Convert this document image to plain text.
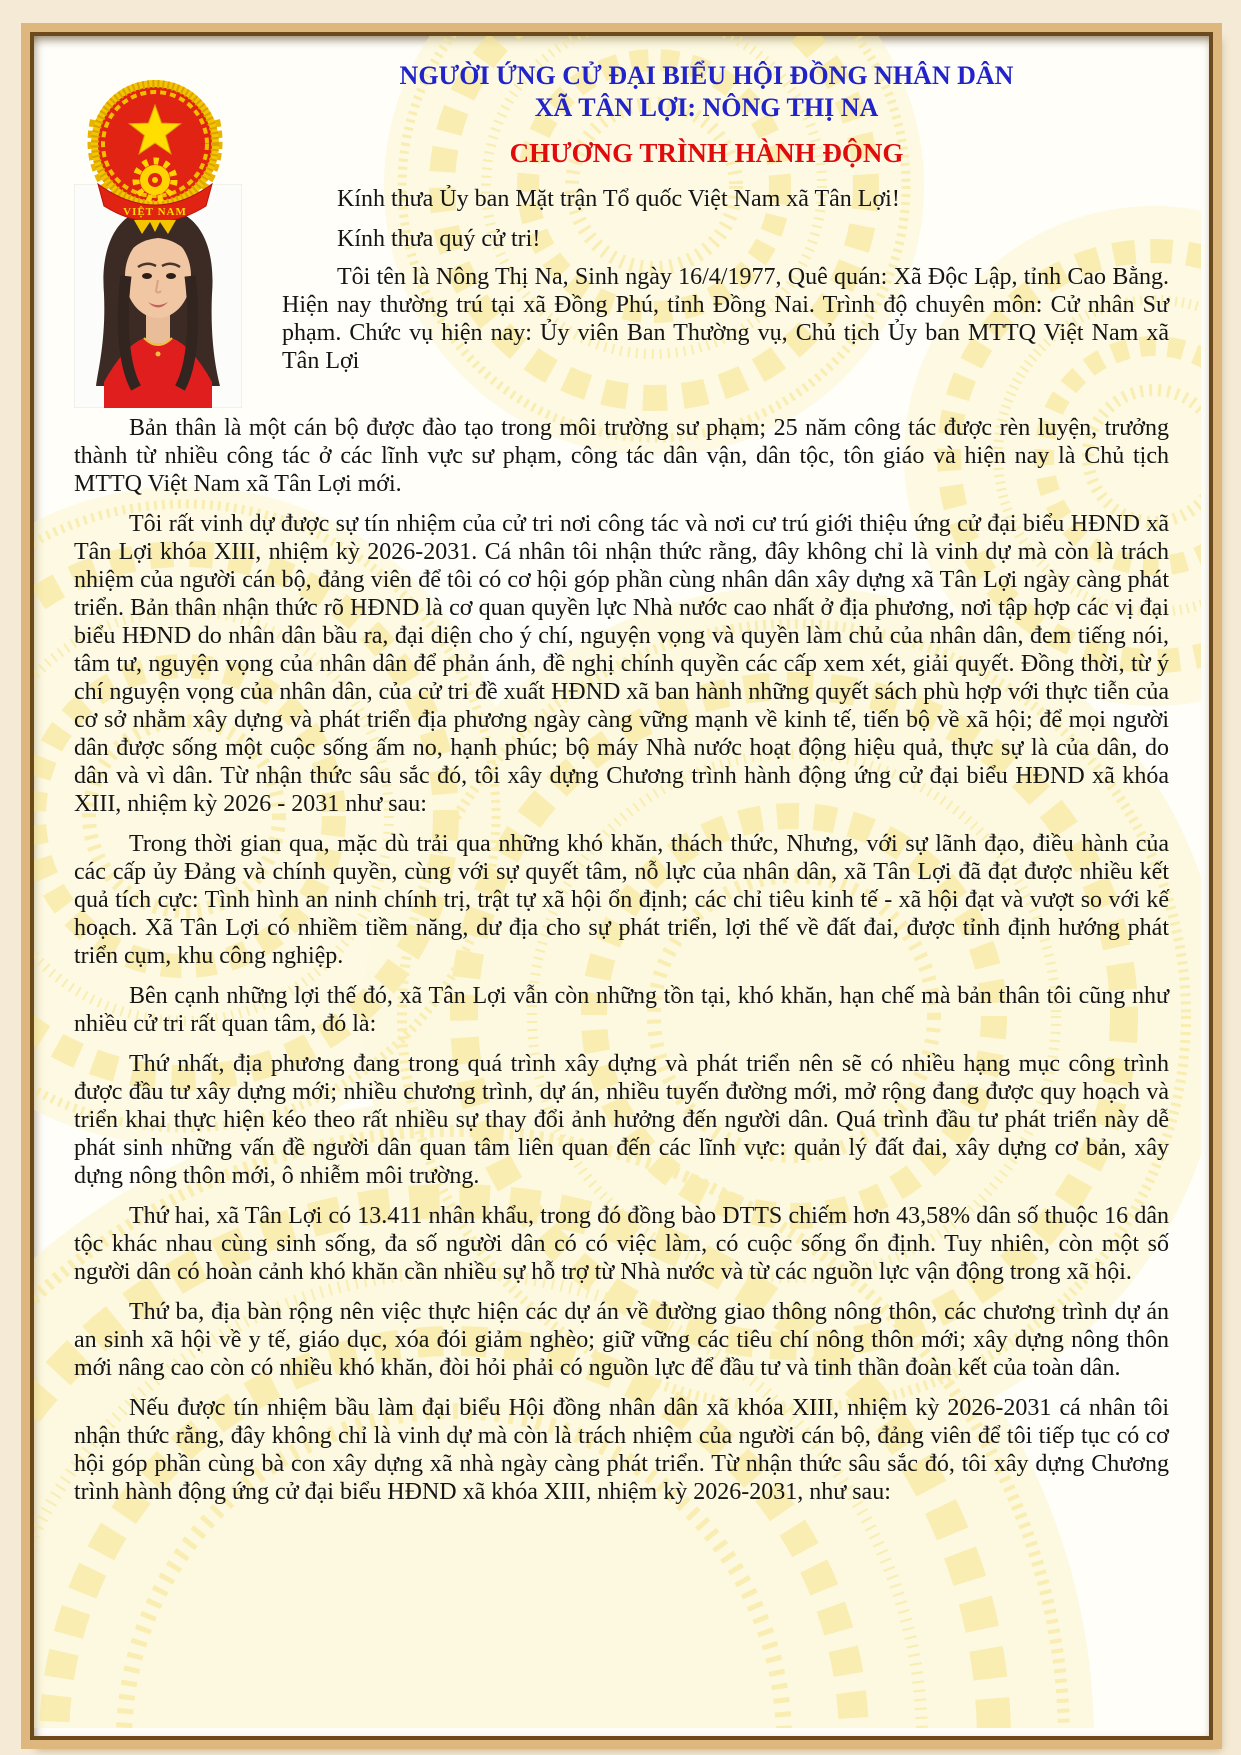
VIỆT NAM
NGƯỜI ỨNG CỬ ĐẠI BIỂU HỘI ĐỒNG NHÂN DÂN
XÃ TÂN LỢI: NÔNG THỊ NA
CHƯƠNG TRÌNH HÀNH ĐỘNG

Kính thưa Ủy ban Mặt trận Tổ quốc Việt Nam xã Tân Lợi!

Kính thưa quý cử tri!

Tôi tên là Nông Thị Na, Sinh ngày 16/4/1977, Quê quán: Xã Độc Lập, tỉnh Cao Bằng. Hiện nay thường trú tại xã Đồng Phú, tỉnh Đồng Nai. Trình độ chuyên môn: Cử nhân Sư phạm. Chức vụ hiện nay: Ủy viên Ban Thường vụ, Chủ tịch Ủy ban MTTQ Việt Nam xã Tân Lợi

Bản thân là một cán bộ được đào tạo trong môi trường sư phạm; 25 năm công tác được rèn luyện, trưởng thành từ nhiều công tác ở các lĩnh vực sư phạm, công tác dân vận, dân tộc, tôn giáo và hiện nay là Chủ tịch MTTQ Việt Nam xã Tân Lợi mới.

Tôi rất vinh dự được sự tín nhiệm của cử tri nơi công tác và nơi cư trú giới thiệu ứng cử đại biểu HĐND xã Tân Lợi khóa XIII, nhiệm kỳ 2026-2031. Cá nhân tôi nhận thức rằng, đây không chỉ là vinh dự mà còn là trách nhiệm của người cán bộ, đảng viên để tôi có cơ hội góp phần cùng nhân dân xây dựng xã Tân Lợi ngày càng phát triển. Bản thân nhận thức rõ HĐND là cơ quan quyền lực Nhà nước cao nhất ở địa phương, nơi tập hợp các vị đại biểu HĐND do nhân dân bầu ra, đại diện cho ý chí, nguyện vọng và quyền làm chủ của nhân dân, đem tiếng nói, tâm tư, nguyện vọng của nhân dân để phản ánh, đề nghị chính quyền các cấp xem xét, giải quyết. Đồng thời, từ ý chí nguyện vọng của nhân dân, của cử tri đề xuất HĐND xã ban hành những quyết sách phù hợp với thực tiễn của cơ sở nhằm xây dựng và phát triển địa phương ngày càng vững mạnh về kinh tế, tiến bộ về xã hội; để mọi người dân được sống một cuộc sống ấm no, hạnh phúc; bộ máy Nhà nước hoạt động hiệu quả, thực sự là của dân, do dân và vì dân. Từ nhận thức sâu sắc đó, tôi xây dựng Chương trình hành động ứng cử đại biểu HĐND xã khóa XIII, nhiệm kỳ 2026 - 2031 như sau:

Trong thời gian qua, mặc dù trải qua những khó khăn, thách thức, Nhưng, với sự lãnh đạo, điều hành của các cấp ủy Đảng và chính quyền, cùng với sự quyết tâm, nỗ lực của nhân dân, xã Tân Lợi đã đạt được nhiều kết quả tích cực: Tình hình an ninh chính trị, trật tự xã hội ổn định; các chỉ tiêu kinh tế - xã hội đạt và vượt so với kế hoạch. Xã Tân Lợi có nhiềm tiềm năng, dư địa cho sự phát triển, lợi thế về đất đai, được tỉnh định hướng phát triển cụm, khu công nghiệp.

Bên cạnh những lợi thế đó, xã Tân Lợi vẫn còn những tồn tại, khó khăn, hạn chế mà bản thân tôi cũng như nhiều cử tri rất quan tâm, đó là:

Thứ nhất, địa phương đang trong quá trình xây dựng và phát triển nên sẽ có nhiều hạng mục công trình được đầu tư xây dựng mới; nhiều chương trình, dự án, nhiều tuyến đường mới, mở rộng đang được quy hoạch và triển khai thực hiện kéo theo rất nhiều sự thay đổi ảnh hưởng đến người dân. Quá trình đầu tư phát triển này dễ phát sinh những vấn đề người dân quan tâm liên quan đến các lĩnh vực: quản lý đất đai, xây dựng cơ bản, xây dựng nông thôn mới, ô nhiễm môi trường.

Thứ hai, xã Tân Lợi có 13.411 nhân khẩu, trong đó đồng bào DTTS chiếm hơn 43,58% dân số thuộc 16 dân tộc khác nhau cùng sinh sống, đa số người dân có có việc làm, có cuộc sống ổn định. Tuy nhiên, còn một số người dân có hoàn cảnh khó khăn cần nhiều sự hỗ trợ từ Nhà nước và từ các nguồn lực vận động trong xã hội.

Thứ ba, địa bàn rộng nên việc thực hiện các dự án về đường giao thông nông thôn, các chương trình dự án an sinh xã hội về y tế, giáo dục, xóa đói giảm nghèo; giữ vững các tiêu chí nông thôn mới; xây dựng nông thôn mới nâng cao còn có nhiều khó khăn, đòi hỏi phải có nguồn lực để đầu tư và tinh thần đoàn kết của toàn dân.

Nếu được tín nhiệm bầu làm đại biểu Hội đồng nhân dân xã khóa XIII, nhiệm kỳ 2026-2031 cá nhân tôi nhận thức rằng, đây không chỉ là vinh dự mà còn là trách nhiệm của người cán bộ, đảng viên để tôi tiếp tục có cơ hội góp phần cùng bà con xây dựng xã nhà ngày càng phát triển. Từ nhận thức sâu sắc đó, tôi xây dựng Chương trình hành động ứng cử đại biểu HĐND xã khóa XIII, nhiệm kỳ 2026-2031, như sau:
